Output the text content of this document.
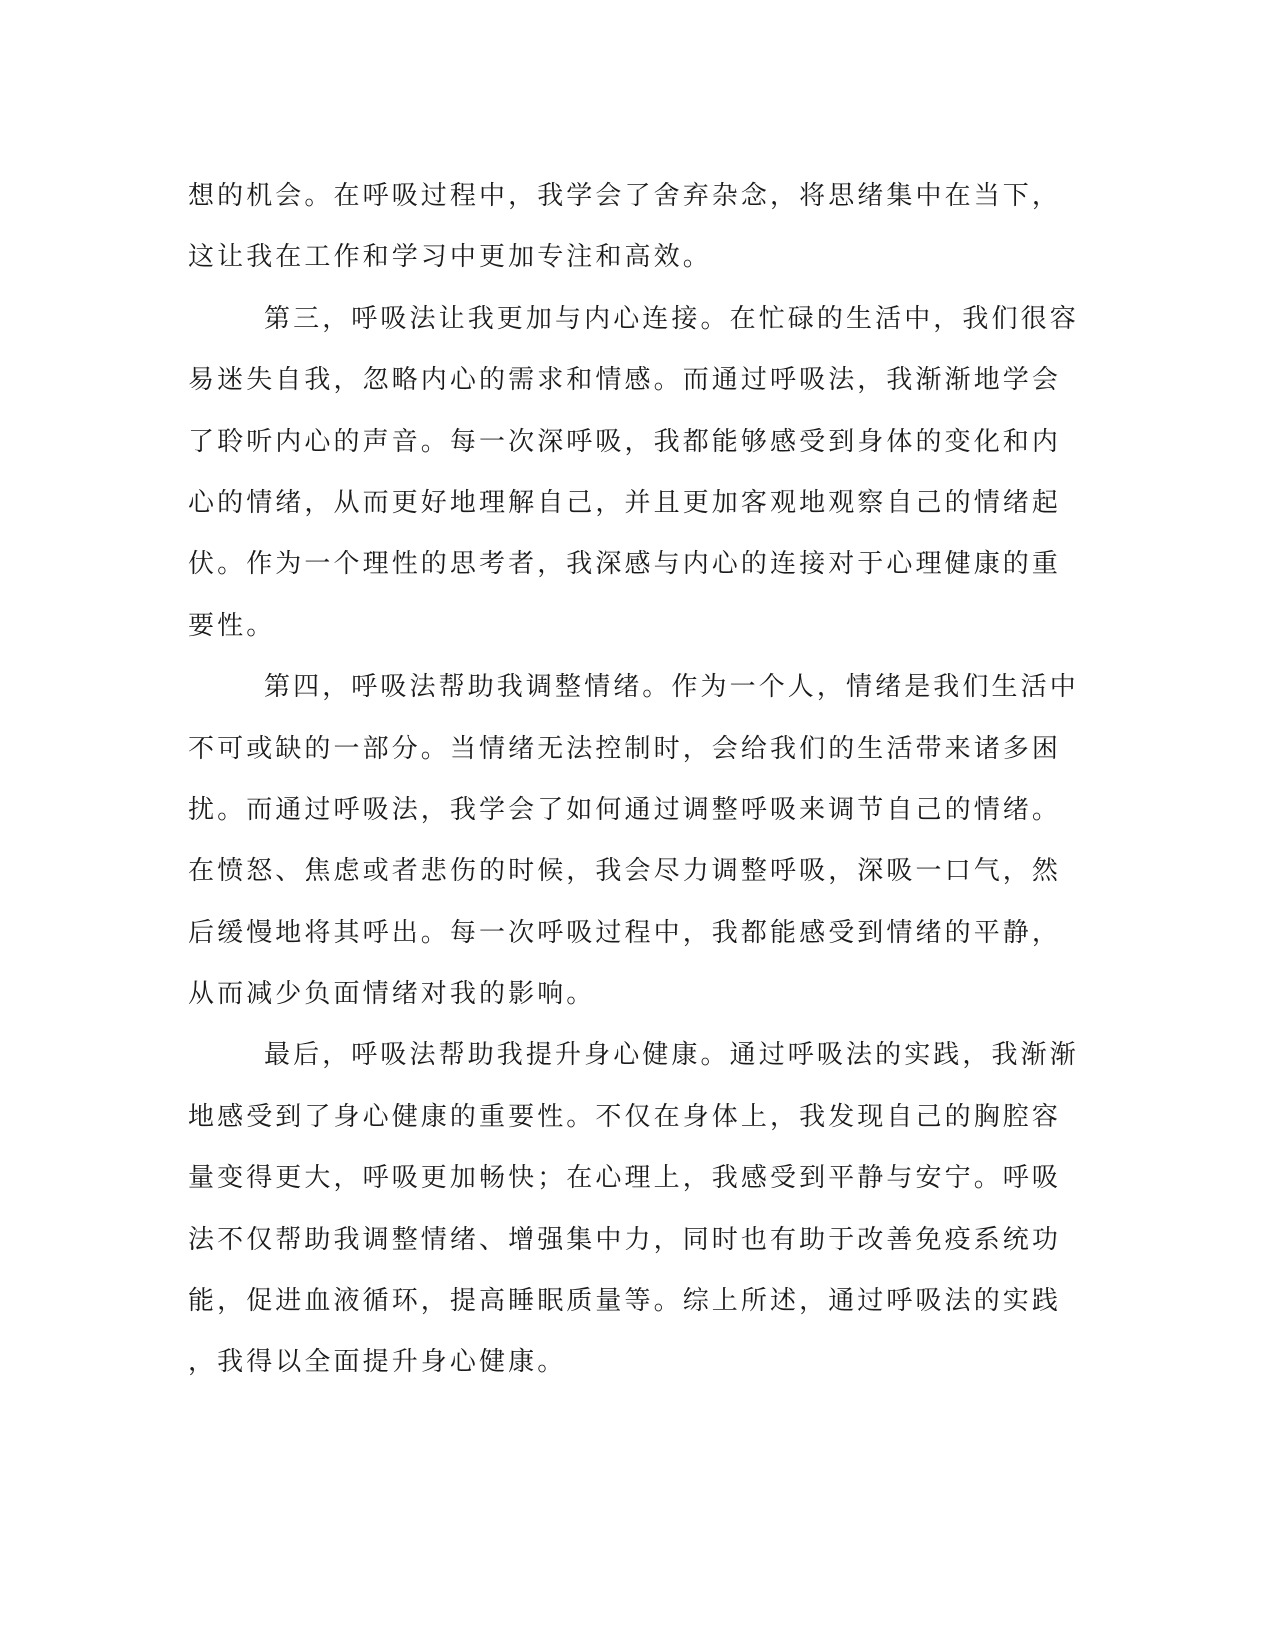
想的机会。在呼吸过程中，我学会了舍弃杂念，将思绪集中在当下，
这让我在工作和学习中更加专注和高效。
第三，呼吸法让我更加与内心连接。在忙碌的生活中，我们很容
易迷失自我，忽略内心的需求和情感。而通过呼吸法，我渐渐地学会
了聆听内心的声音。每一次深呼吸，我都能够感受到身体的变化和内
心的情绪，从而更好地理解自己，并且更加客观地观察自己的情绪起
伏。作为一个理性的思考者，我深感与内心的连接对于心理健康的重
要性。
第四，呼吸法帮助我调整情绪。作为一个人，情绪是我们生活中
不可或缺的一部分。当情绪无法控制时，会给我们的生活带来诸多困
扰。而通过呼吸法，我学会了如何通过调整呼吸来调节自己的情绪。
在愤怒、焦虑或者悲伤的时候，我会尽力调整呼吸，深吸一口气，然
后缓慢地将其呼出。每一次呼吸过程中，我都能感受到情绪的平静，
从而减少负面情绪对我的影响。
最后，呼吸法帮助我提升身心健康。通过呼吸法的实践，我渐渐
地感受到了身心健康的重要性。不仅在身体上，我发现自己的胸腔容
量变得更大，呼吸更加畅快；在心理上，我感受到平静与安宁。呼吸
法不仅帮助我调整情绪、增强集中力，同时也有助于改善免疫系统功
能，促进血液循环，提高睡眠质量等。综上所述，通过呼吸法的实践
，我得以全面提升身心健康。
